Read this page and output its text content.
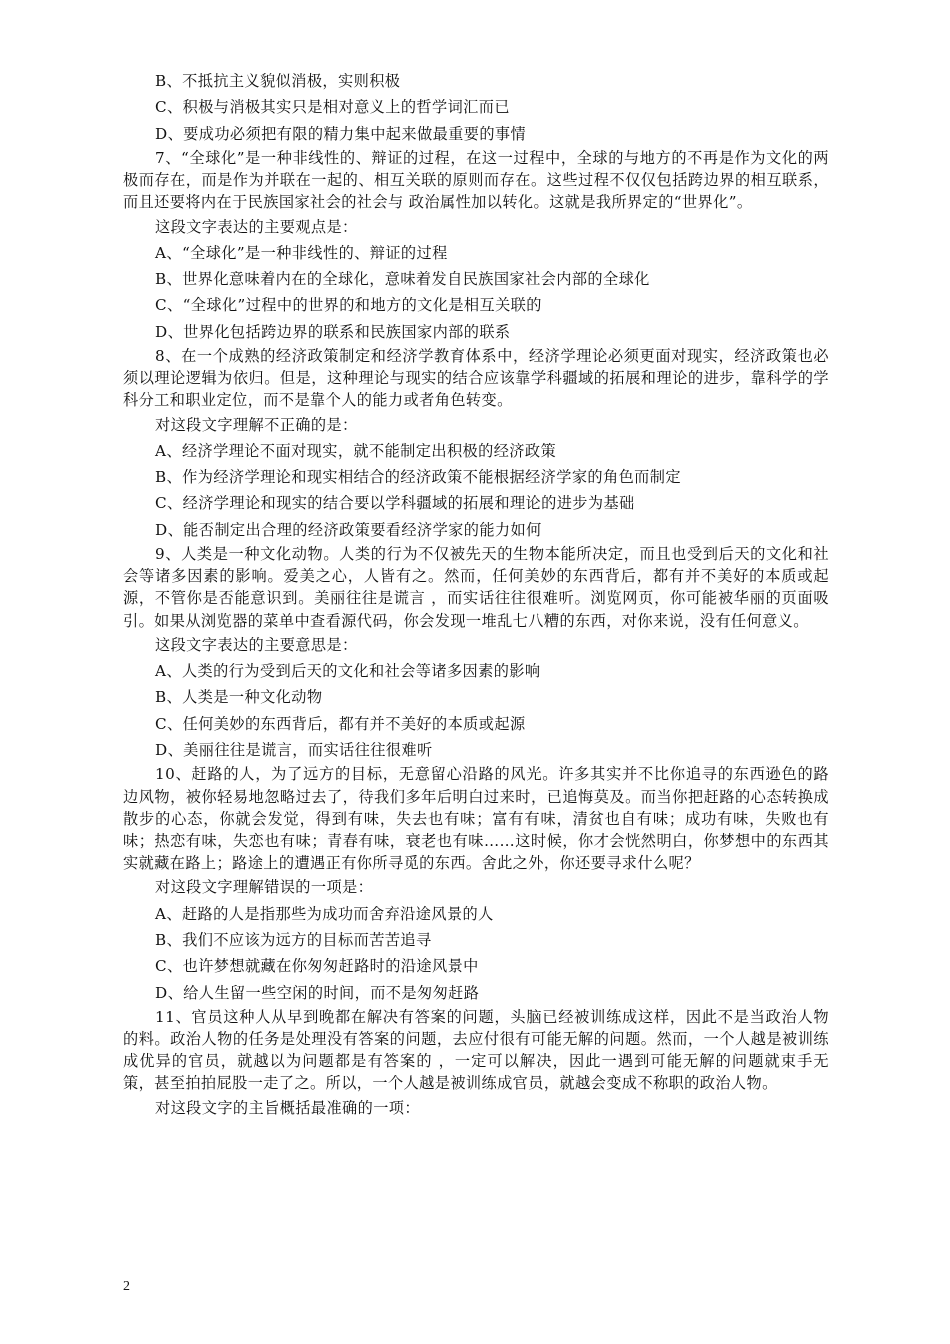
B、不抵抗主义貌似消极，实则积极

C、积极与消极其实只是相对意义上的哲学词汇而已

D、要成功必须把有限的精力集中起来做最重要的事情

7、“全球化”是一种非线性的、辩证的过程，在这一过程中，全球的与地方的不再是作为文化的两极而存在，而是作为并联在一起的、相互关联的原则而存在。这些过程不仅仅包括跨边界的相互联系，而且还要将内在于民族国家社会的社会与 政治属性加以转化。这就是我所界定的“世界化”。

这段文字表达的主要观点是：

A、“全球化”是一种非线性的、辩证的过程

B、世界化意味着内在的全球化，意味着发自民族国家社会内部的全球化

C、“全球化”过程中的世界的和地方的文化是相互关联的

D、世界化包括跨边界的联系和民族国家内部的联系

8、在一个成熟的经济政策制定和经济学教育体系中，经济学理论必须更面对现实，经济政策也必须以理论逻辑为依归。但是，这种理论与现实的结合应该靠学科疆域的拓展和理论的进步，靠科学的学科分工和职业定位，而不是靠个人的能力或者角色转变。

对这段文字理解不正确的是：

A、经济学理论不面对现实，就不能制定出积极的经济政策

B、作为经济学理论和现实相结合的经济政策不能根据经济学家的角色而制定

C、经济学理论和现实的结合要以学科疆域的拓展和理论的进步为基础

D、能否制定出合理的经济政策要看经济学家的能力如何

9、人类是一种文化动物。人类的行为不仅被先天的生物本能所决定，而且也受到后天的文化和社会等诸多因素的影响。爱美之心，人皆有之。然而，任何美妙的东西背后，都有并不美好的本质或起源，不管你是否能意识到。美丽往往是谎言 ，而实话往往很难听。浏览网页，你可能被华丽的页面吸引。如果从浏览器的菜单中查看源代码，你会发现一堆乱七八糟的东西，对你来说，没有任何意义。

这段文字表达的主要意思是：

A、人类的行为受到后天的文化和社会等诸多因素的影响

B、人类是一种文化动物

C、任何美妙的东西背后，都有并不美好的本质或起源

D、美丽往往是谎言，而实话往往很难听

10、赶路的人，为了远方的目标，无意留心沿路的风光。许多其实并不比你追寻的东西逊色的路边风物，被你轻易地忽略过去了，待我们多年后明白过来时，已追悔莫及。而当你把赶路的心态转换成散步的心态，你就会发觉，得到有味，失去也有味；富有有味，清贫也自有味；成功有味，失败也有味；热恋有味，失恋也有味；青春有味，衰老也有味……这时候，你才会恍然明白，你梦想中的东西其实就藏在路上；路途上的遭遇正有你所寻觅的东西。舍此之外，你还要寻求什么呢？

对这段文字理解错误的一项是：

A、赶路的人是指那些为成功而舍弃沿途风景的人

B、我们不应该为远方的目标而苦苦追寻

C、也许梦想就藏在你匆匆赶路时的沿途风景中

D、给人生留一些空闲的时间，而不是匆匆赶路

11、官员这种人从早到晚都在解决有答案的问题，头脑已经被训练成这样，因此不是当政治人物的料。政治人物的任务是处理没有答案的问题，去应付很有可能无解的问题。然而，一个人越是被训练成优异的官员，就越以为问题都是有答案的 ，一定可以解决，因此一遇到可能无解的问题就束手无策，甚至拍拍屁股一走了之。所以，一个人越是被训练成官员，就越会变成不称职的政治人物。

对这段文字的主旨概括最准确的一项：

2
